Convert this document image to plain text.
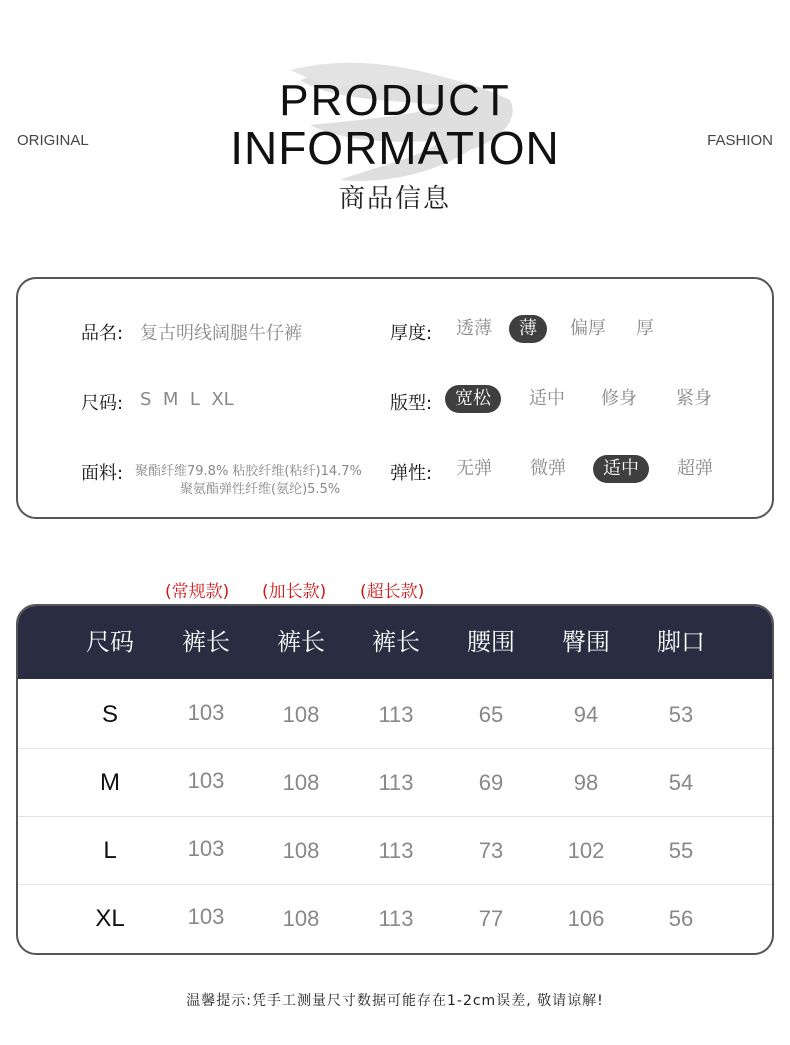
ORIGINAL	FASHION
PRODUCT
INFORMATION
商品信息
品名: 复古明线阔腿牛仔裤
尺码: S  M  L  XL
面料: 聚酯纤维79.8% 粘胶纤维(粘纤)14.7%
聚氨酯弹性纤维(氨纶)5.5%
厚度: 透薄	薄	偏厚 厚
版型:	宽松	适中 修身 紧身
弹性: 无弹 微弹	适中	超弹
(常规款) (加长款) (超长款)
尺码	裤长	裤长	裤长	腰围	臀围	脚口
S	103	108	113	65	94	53
M	103	108	113	69	98	54
L	103	108	113	73	102	55
XL	103	108	113	77	106	56
温馨提示:凭手工测量尺寸数据可能存在1-2cm误差, 敬请谅解!
